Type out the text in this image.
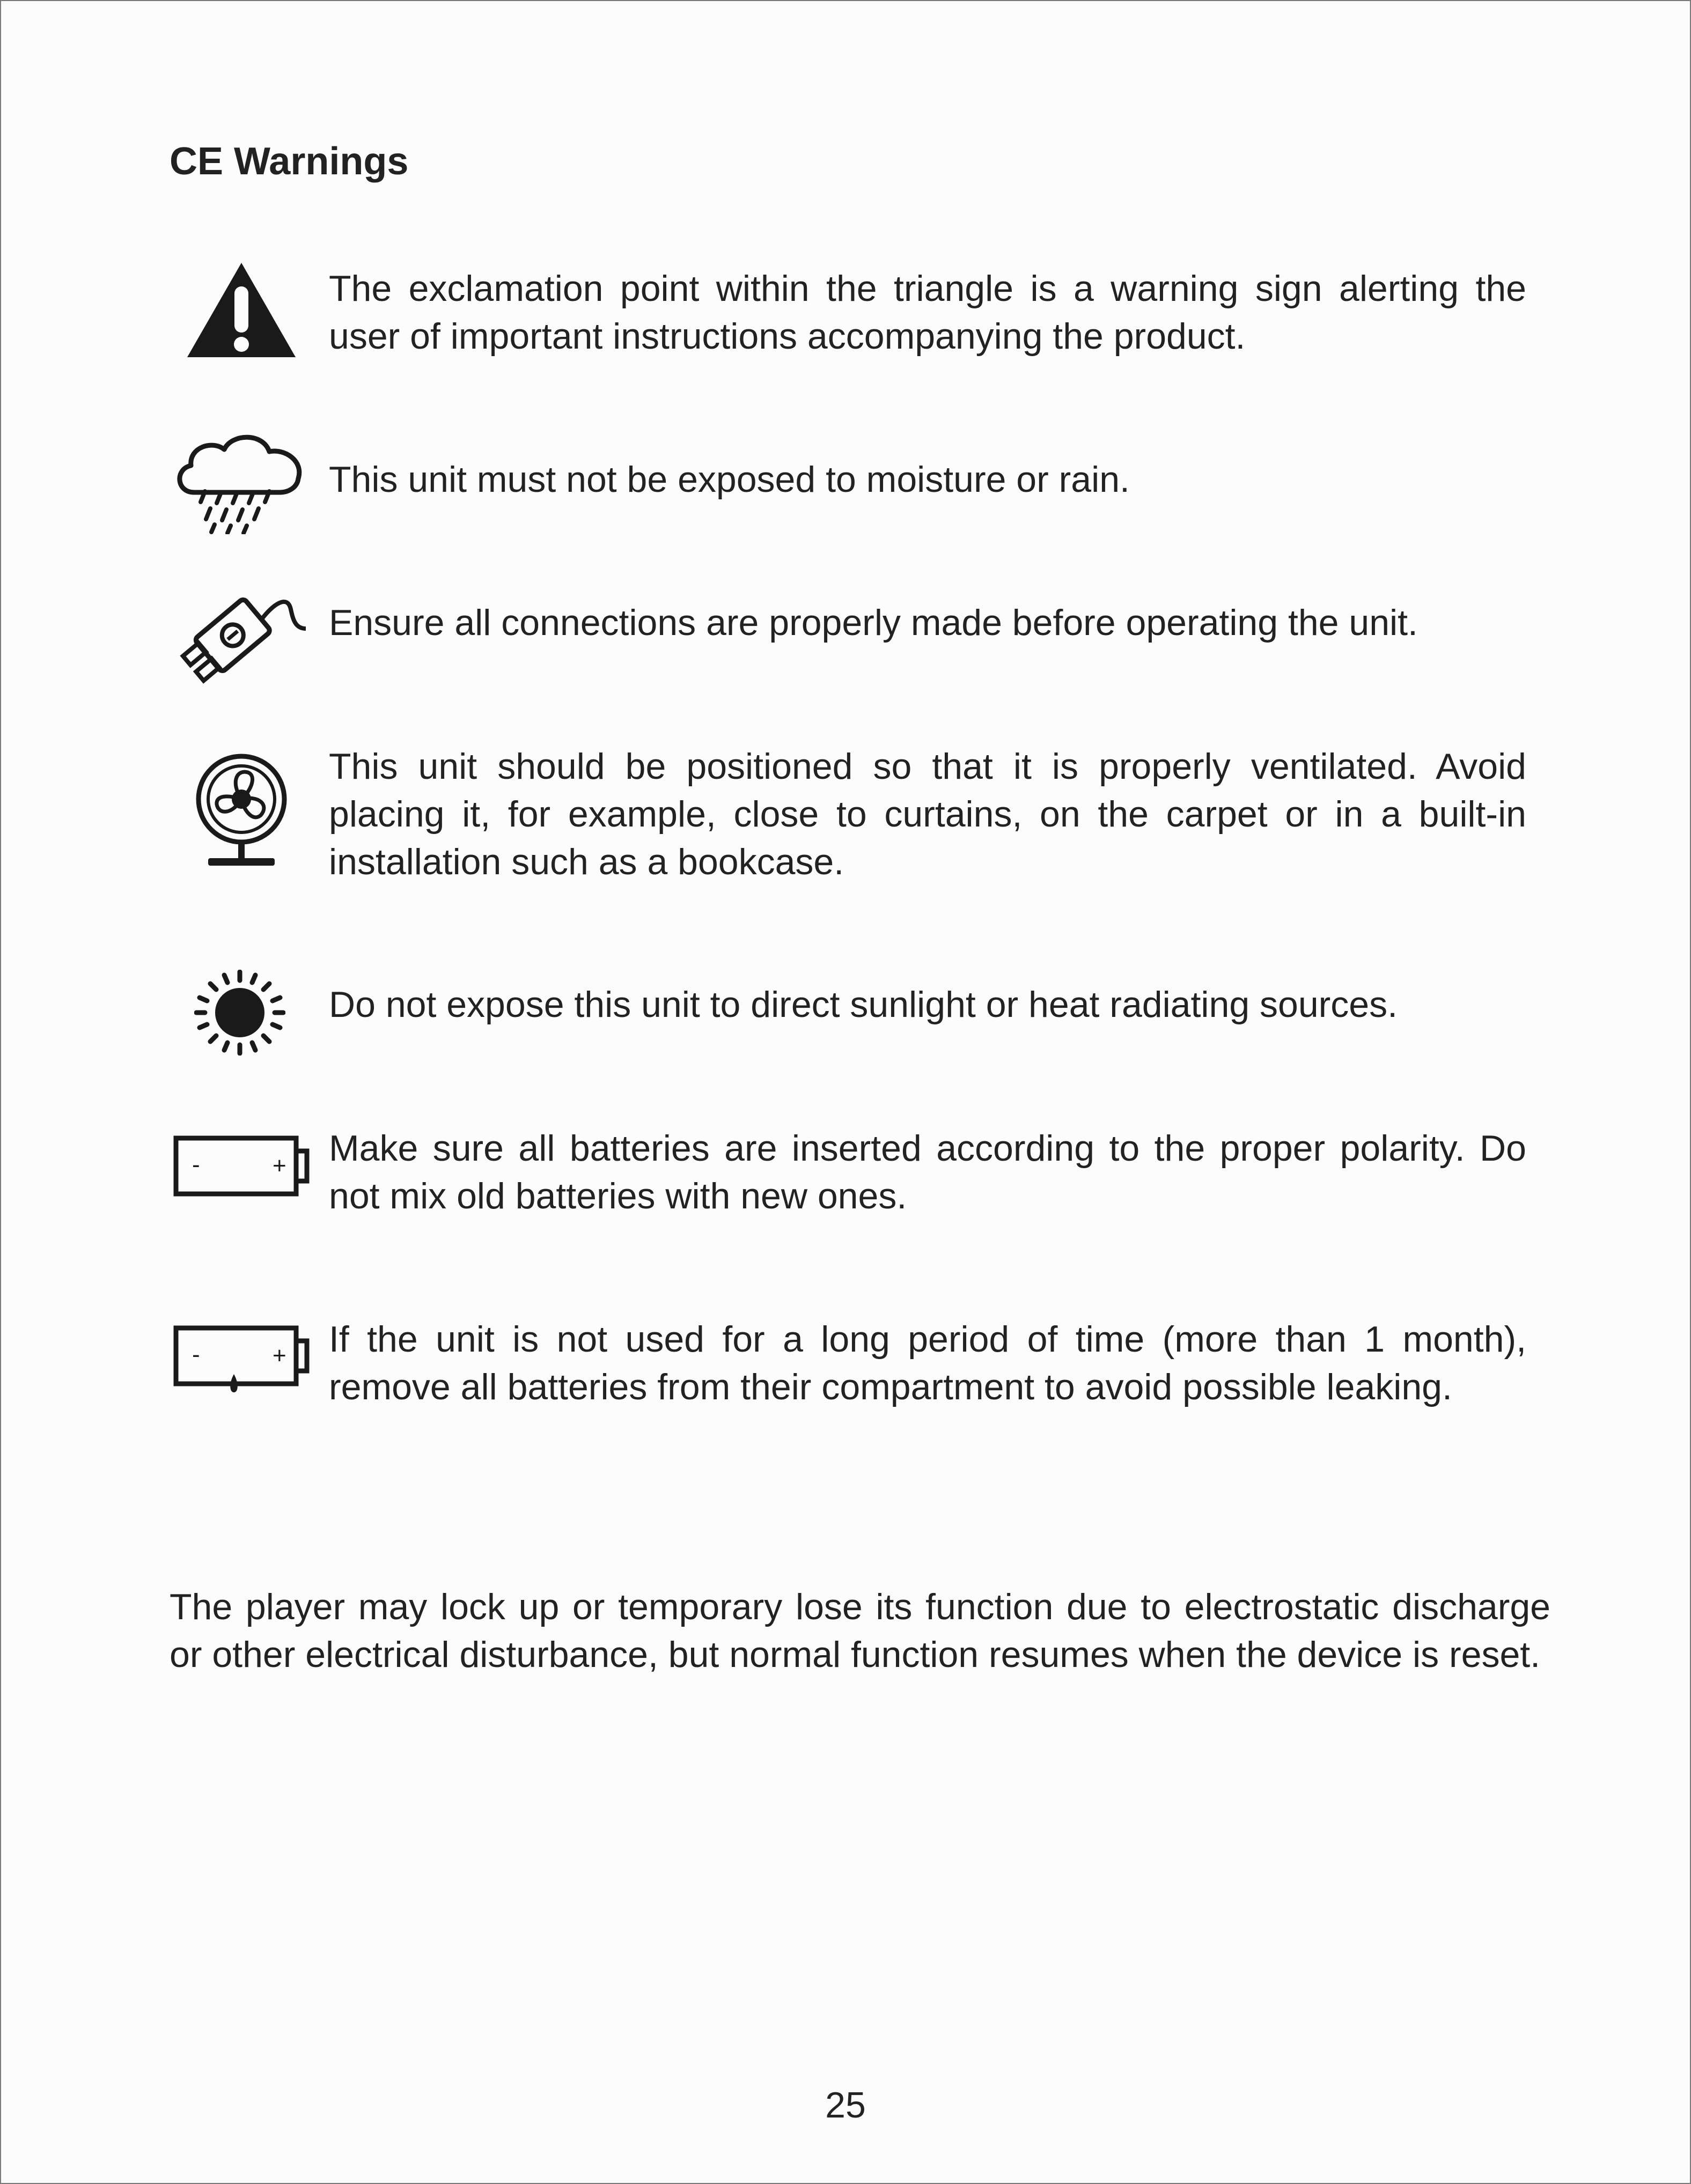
CE Warnings

The exclamation point within the triangle is a warning sign alerting the user of important instructions accompanying the product.

This unit must not be exposed to moisture or rain.

Ensure all connections are properly made before operating the unit.

This unit should be positioned so that it is properly ventilated. Avoid placing it, for example, close to curtains, on the carpet or in a built-in installation such as a bookcase.

Do not expose this unit to direct sunlight or heat radiating sources.

-	+ Make sure all batteries are inserted according to the proper polarity. Do not mix old batteries with new ones.

-	+ If the unit is not used for a long period of time (more than 1 month), remove all batteries from their compartment to avoid possible leaking.

The player may lock up or temporary lose its function due to electrostatic discharge or other electrical disturbance, but normal function resumes when the device is reset.

25
